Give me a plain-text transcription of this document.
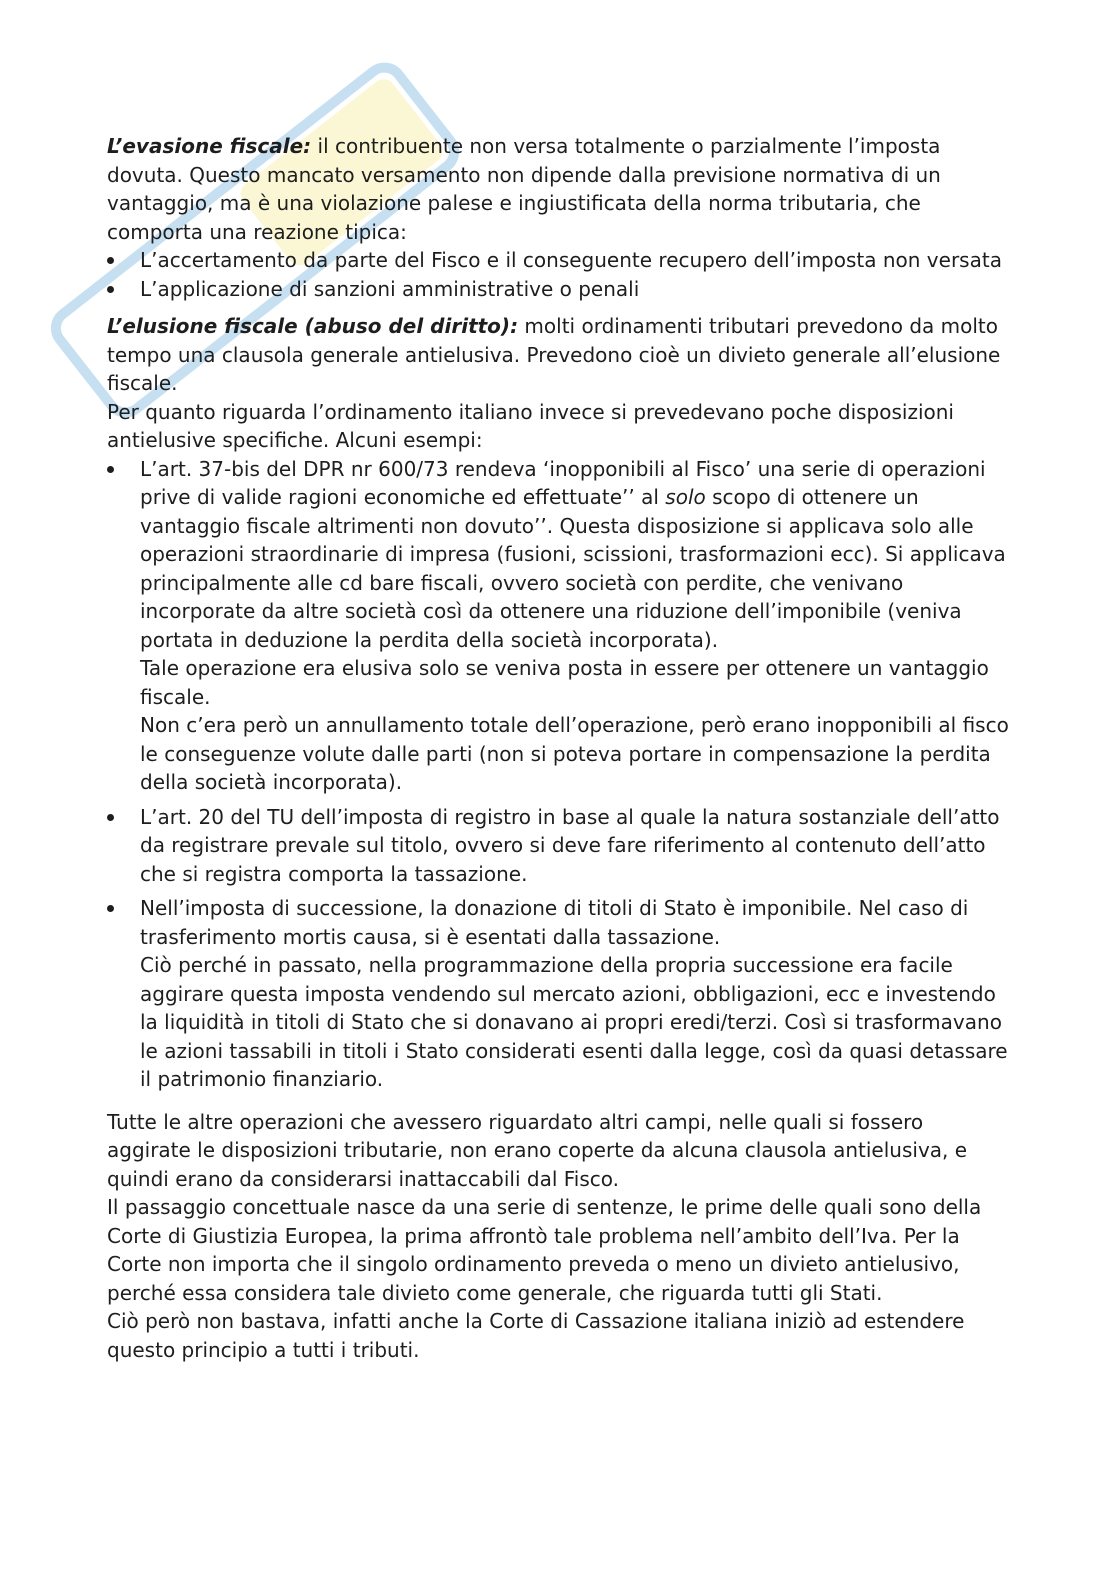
L’evasione fiscale: il contribuente non versa totalmente o parzialmente l’imposta dovuta. Questo mancato versamento non dipende dalla previsione normativa di un vantaggio, ma è una violazione palese e ingiustificata della norma tributaria, che comporta una reazione tipica:

L’accertamento da parte del Fisco e il conseguente recupero dell’imposta non versata
L’applicazione di sanzioni amministrative o penali

L’elusione fiscale (abuso del diritto): molti ordinamenti tributari prevedono da molto tempo una clausola generale antielusiva. Prevedono cioè un divieto generale all’elusione fiscale.

Per quanto riguarda l’ordinamento italiano invece si prevedevano poche disposizioni antielusive specifiche. Alcuni esempi:

L’art. 37-bis del DPR nr 600/73 rendeva ‘inopponibili al Fisco’ una serie di operazioni prive di valide ragioni economiche ed effettuate’’ al solo scopo di ottenere un vantaggio fiscale altrimenti non dovuto’’. Questa disposizione si applicava solo alle operazioni straordinarie di impresa (fusioni, scissioni, trasformazioni ecc). Si applicava principalmente alle cd bare fiscali, ovvero società con perdite, che venivano incorporate da altre società così da ottenere una riduzione dell’imponibile (veniva portata in deduzione la perdita della società incorporata).
Tale operazione era elusiva solo se veniva posta in essere per ottenere un vantaggio fiscale.
Non c’era però un annullamento totale dell’operazione, però erano inopponibili al fisco le conseguenze volute dalle parti (non si poteva portare in compensazione la perdita della società incorporata).
L’art. 20 del TU dell’imposta di registro in base al quale la natura sostanziale dell’atto da registrare prevale sul titolo, ovvero si deve fare riferimento al contenuto dell’atto che si registra comporta la tassazione.
Nell’imposta di successione, la donazione di titoli di Stato è imponibile. Nel caso di trasferimento mortis causa, si è esentati dalla tassazione.
Ciò perché in passato, nella programmazione della propria successione era facile aggirare questa imposta vendendo sul mercato azioni, obbligazioni, ecc e investendo la liquidità in titoli di Stato che si donavano ai propri eredi/terzi. Così si trasformavano le azioni tassabili in titoli i Stato considerati esenti dalla legge, così da quasi detassare il patrimonio finanziario.

Tutte le altre operazioni che avessero riguardato altri campi, nelle quali si fossero aggirate le disposizioni tributarie, non erano coperte da alcuna clausola antielusiva, e quindi erano da considerarsi inattaccabili dal Fisco.

Il passaggio concettuale nasce da una serie di sentenze, le prime delle quali sono della Corte di Giustizia Europea, la prima affrontò tale problema nell’ambito dell’Iva. Per la Corte non importa che il singolo ordinamento preveda o meno un divieto antielusivo, perché essa considera tale divieto come generale, che riguarda tutti gli Stati.

Ciò però non bastava, infatti anche la Corte di Cassazione italiana iniziò ad estendere questo principio a tutti i tributi.
